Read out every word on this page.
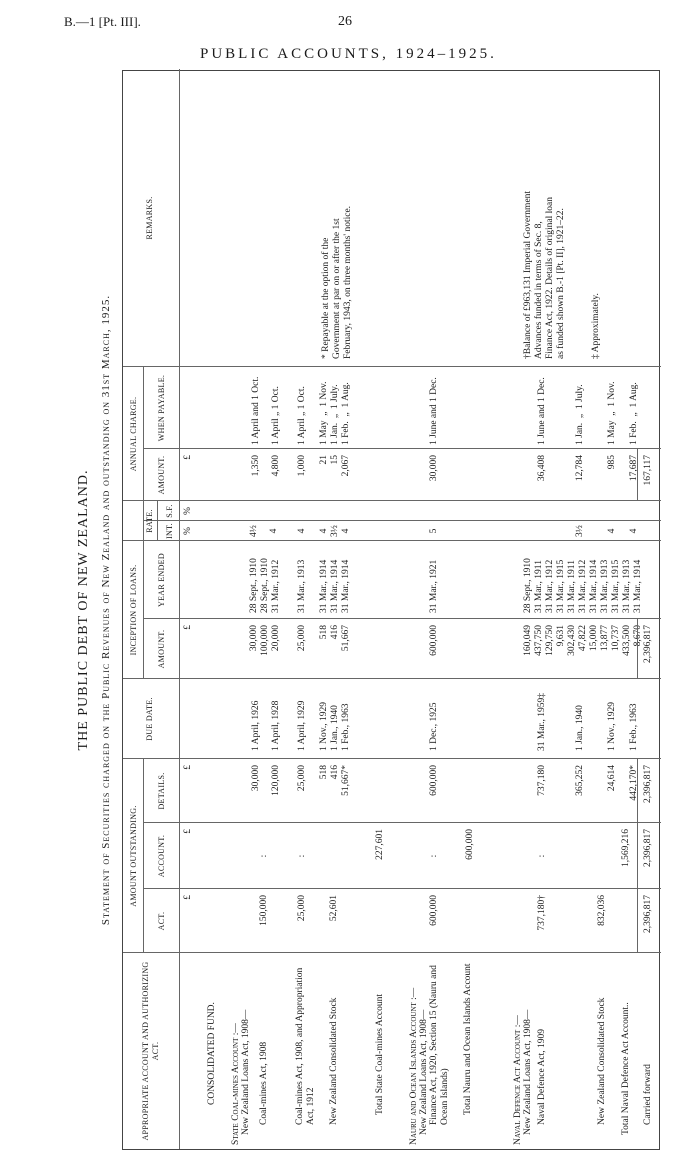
B.—1 [Pt. III].	26
PUBLIC ACCOUNTS, 1924–1925.
THE PUBLIC DEBT OF NEW ZEALAND. Statement of Securities charged on the Public Revenues of New Zealand and outstanding on 31st March, 1925.
APPROPRIATE ACCOUNT AND AUTHORIZING ACT.
AMOUNT OUTSTANDING.
ACT.
ACCOUNT.
DETAILS.
DUE DATE.
INCEPTION OF LOANS. AMOUNT.
YEAR ENDED
RATE. INT.
S.F.
ANNUAL CHARGE.
AMOUNT.
WHEN PAYABLE.
REMARKS.
£
£
£
£
%
%
£
CONSOLIDATED FUND. State Coal-mines Account :— New Zealand Loans Act, 1908— Coal-mines Act, 1908
150,000
:
30,000 120,000
1 April, 1926 1 April, 1928
30,000 100,000 20,000
28 Sept., 1910 28 Sept., 1910 31 Mar., 1912
4½ 4
1,350 4,800
1 April and 1 Oct. 1 April „ 1 Oct.
Coal-mines Act, 1908, and Appropriation Act, 1912
25,000
:
25,000
1 April, 1929
25,000
31 Mar., 1913
4
1,000
1 April „ 1 Oct.
New Zealand Consolidated Stock
52,601
518 416 51,667*
1 Nov., 1929 1 Jan., 1940 1 Feb., 1963
518 416 51,667
31 Mar., 1914 31 Mar., 1914 31 Mar., 1914
4 3½ 4
21 15 2,067
1 May  „  1 Nov. 1 Jan.  „  1 July. 1 Feb.  „  1 Aug.
* Repayable at the option of the Government at par on or after the 1st February, 1943, on three months' notice.
Total State Coal-mines Account
227,601
Nauru and Ocean Islands Account :— New Zealand Loans Act, 1908— Finance Act, 1920, Section 15 (Nauru and Ocean Islands)
600,000
:
600,000
1 Dec., 1925
600,000
31 Mar., 1921
5
30,000
1 June and 1 Dec.
Total Nauru and Ocean Islands Account
600,000
Naval Defence Act Account :— New Zealand Loans Act, 1908— Naval Defence Act, 1909
737,180†
:
737,180
31 Mar., 1959‡
160,049 437,750 129,750 9,631
28 Sept., 1910 31 Mar., 1911 31 Mar., 1912 31 Mar., 1915
36,408
1 June and 1 Dec.
†Balance of £963,131 Imperial Government Advances funded in terms of Sec. 8, Finance Act, 1922. Details of original loan as funded shown B.-1 [Pt. II], 1921–22.	‡ Approximately.
New Zealand Consolidated Stock
832,036
365,252 24,614 442,170*
1 Jan., 1940 1 Nov., 1929 1 Feb., 1963
302,430 47,822 15,000 13,877 10,737 433,500 8,670
31 Mar., 1911 31 Mar., 1912 31 Mar., 1914 31 Mar., 1913 31 Mar., 1915 31 Mar., 1913 31 Mar., 1914
3½ 4 4
12,784 985 17,687
1 Jan.  „  1 July. 1 May  „  1 Nov. 1 Feb.  „  1 Aug.
Total Naval Defence Act Account..
1,569,216
Carried forward
2,396,817
2,396,817
2,396,817
2,396,817
167,117
